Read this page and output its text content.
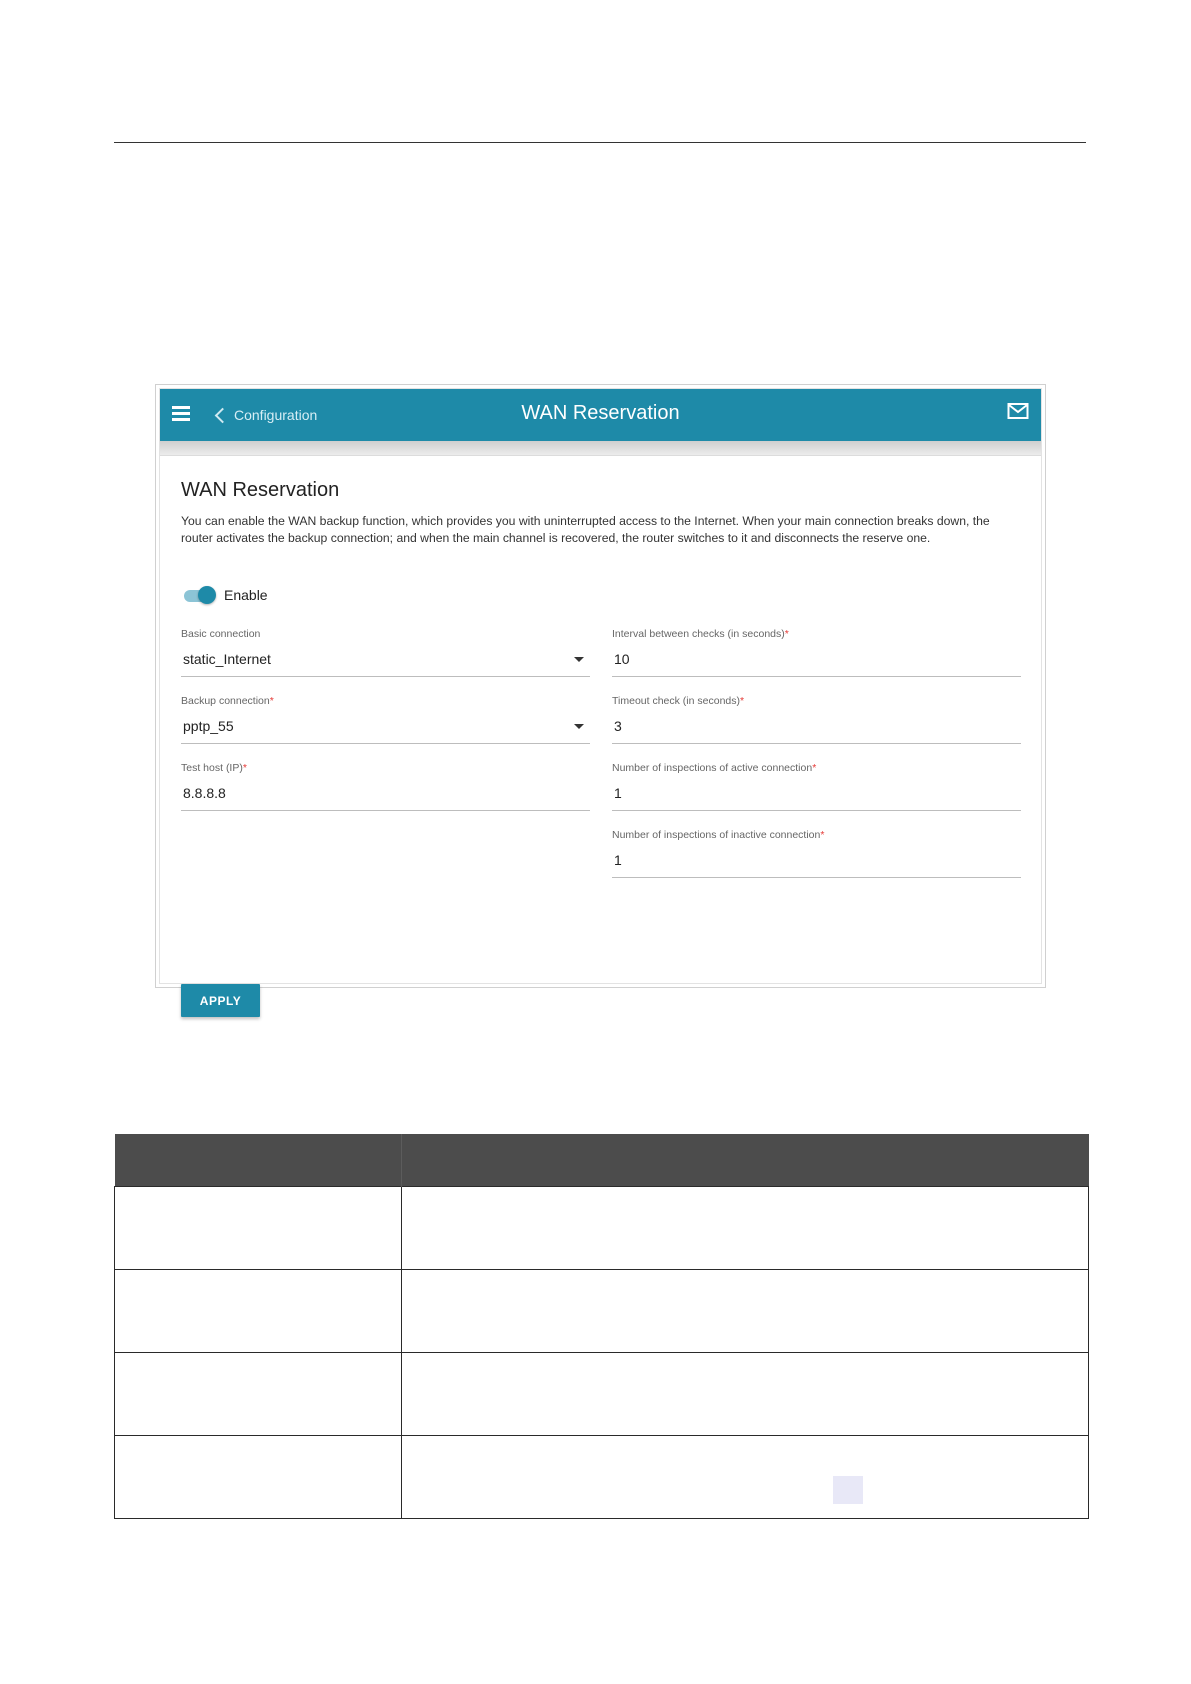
Configuration	WAN Reservation
WAN Reservation
You can enable the WAN backup function, which provides you with uninterrupted access to the Internet. When your main connection breaks down, the router activates the backup connection; and when the main channel is recovered, the router switches to it and disconnects the reserve one.
Enable
Basic connection
static_Internet
Backup connection*
pptp_55
Test host (IP)*
8.8.8.8
Interval between checks (in seconds)*
10
Timeout check (in seconds)*
3
Number of inspections of active connection*
1
Number of inspections of inactive connection*
1
APPLY
